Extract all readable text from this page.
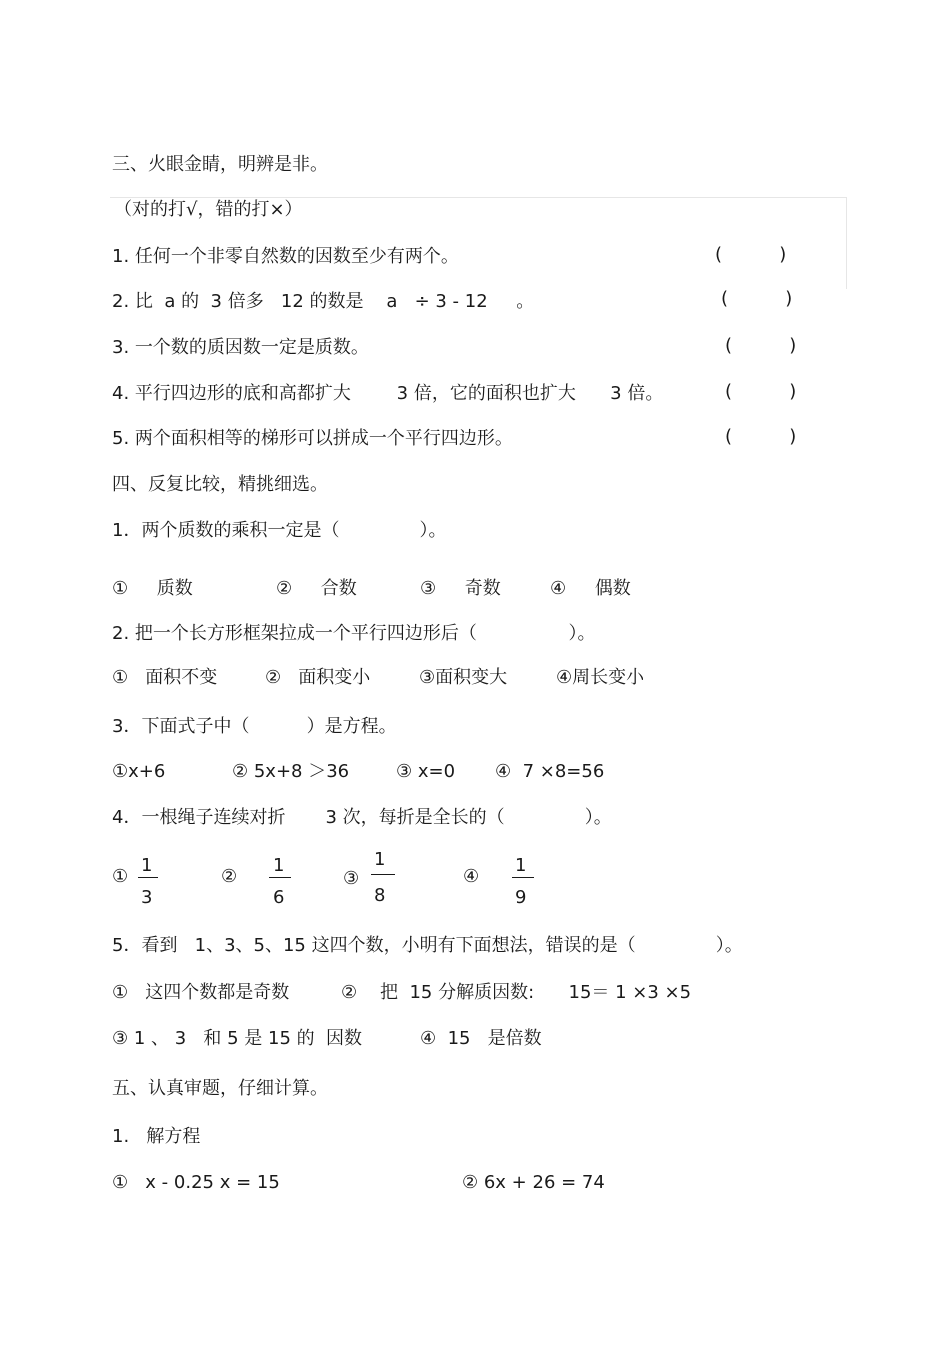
三、火眼金睛，明辨是非。
（对的打√，错的打×）
1. 任何一个非零自然数的因数至少有两个。	(          )
2. 比  a 的  3 倍多   12 的数是    a   ÷ 3 - 12     。	(          )
3. 一个数的质因数一定是质数。	(          )
4. 平行四边形的底和高都扩大        3 倍，它的面积也扩大      3 倍。	(          )
5. 两个面积相等的梯形可以拼成一个平行四边形。	(          )
四、反复比较，精挑细选。
1．两个质数的乘积一定是（              ）。
①     质数	②     合数	③     奇数	④     偶数
2. 把一个长方形框架拉成一个平行四边形后（                ）。
①   面积不变	②   面积变小	③面积变大	④周长变小
3．下面式子中（          ）是方程。
①x+6	② 5x+8 ＞36	③ x=0 ④  7 ×8=56
4．一根绳子连续对折       3 次，每折是全长的（              ）。
①
1
3
②
1
6
③
1
8
④
1
9
5．看到   1、3、5、15 这四个数，小明有下面想法，错误的是（              ）。
①   这四个数都是奇数	②    把  15 分解质因数:      15＝ 1 ×3 ×5
③ 1 、 3   和 5 是 15 的  因数	④  15   是倍数
五、认真审题，仔细计算。
1.   解方程
①   x - 0.25 x = 15	② 6x + 26 = 74
